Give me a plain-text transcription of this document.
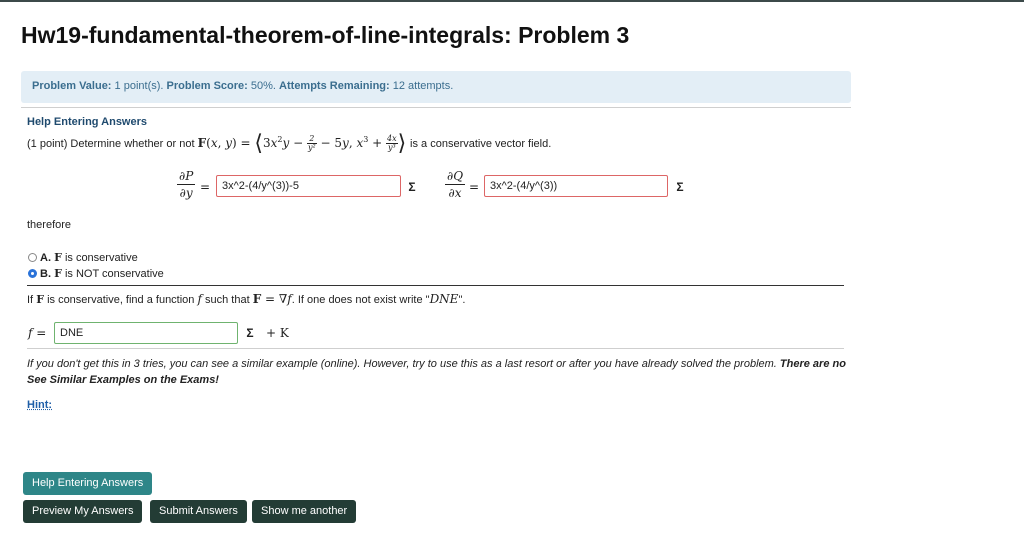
Hw19-fundamental-theorem-of-line-integrals: Problem 3
Problem Value: 1 point(s). Problem Score: 50%. Attempts Remaining: 12 attempts.
Help Entering Answers
(1 point) Determine whether or not F(x, $y) = ⟨3x^2y - \frac{2}{\text{y²}} - 5y$, $x^3 + \frac{4x}{\text{y³}}$ ⟩ is a conservative vector field.
$\frac{\partial P}{\partial y}$ =	3x^2-(4/y^(3))-5	Σ $\frac{\partial Q}{\partial x}$ = 3x^2-(4/y^(3))	Σ
therefore
A. F is conservative
B. F is NOT conservative
If F is conservative, find a function f such that F = ∇f. If one does not exist write "DNE".
f =	DNE	Σ + K
If you don't get this in 3 tries, you can see a similar example (online). However, try to use this as a last resort or after you have already solved the problem. There are no See Similar Examples on the Exams!
Hint:
Help Entering Answers
Preview My Answers	Submit Answers	Show me another
